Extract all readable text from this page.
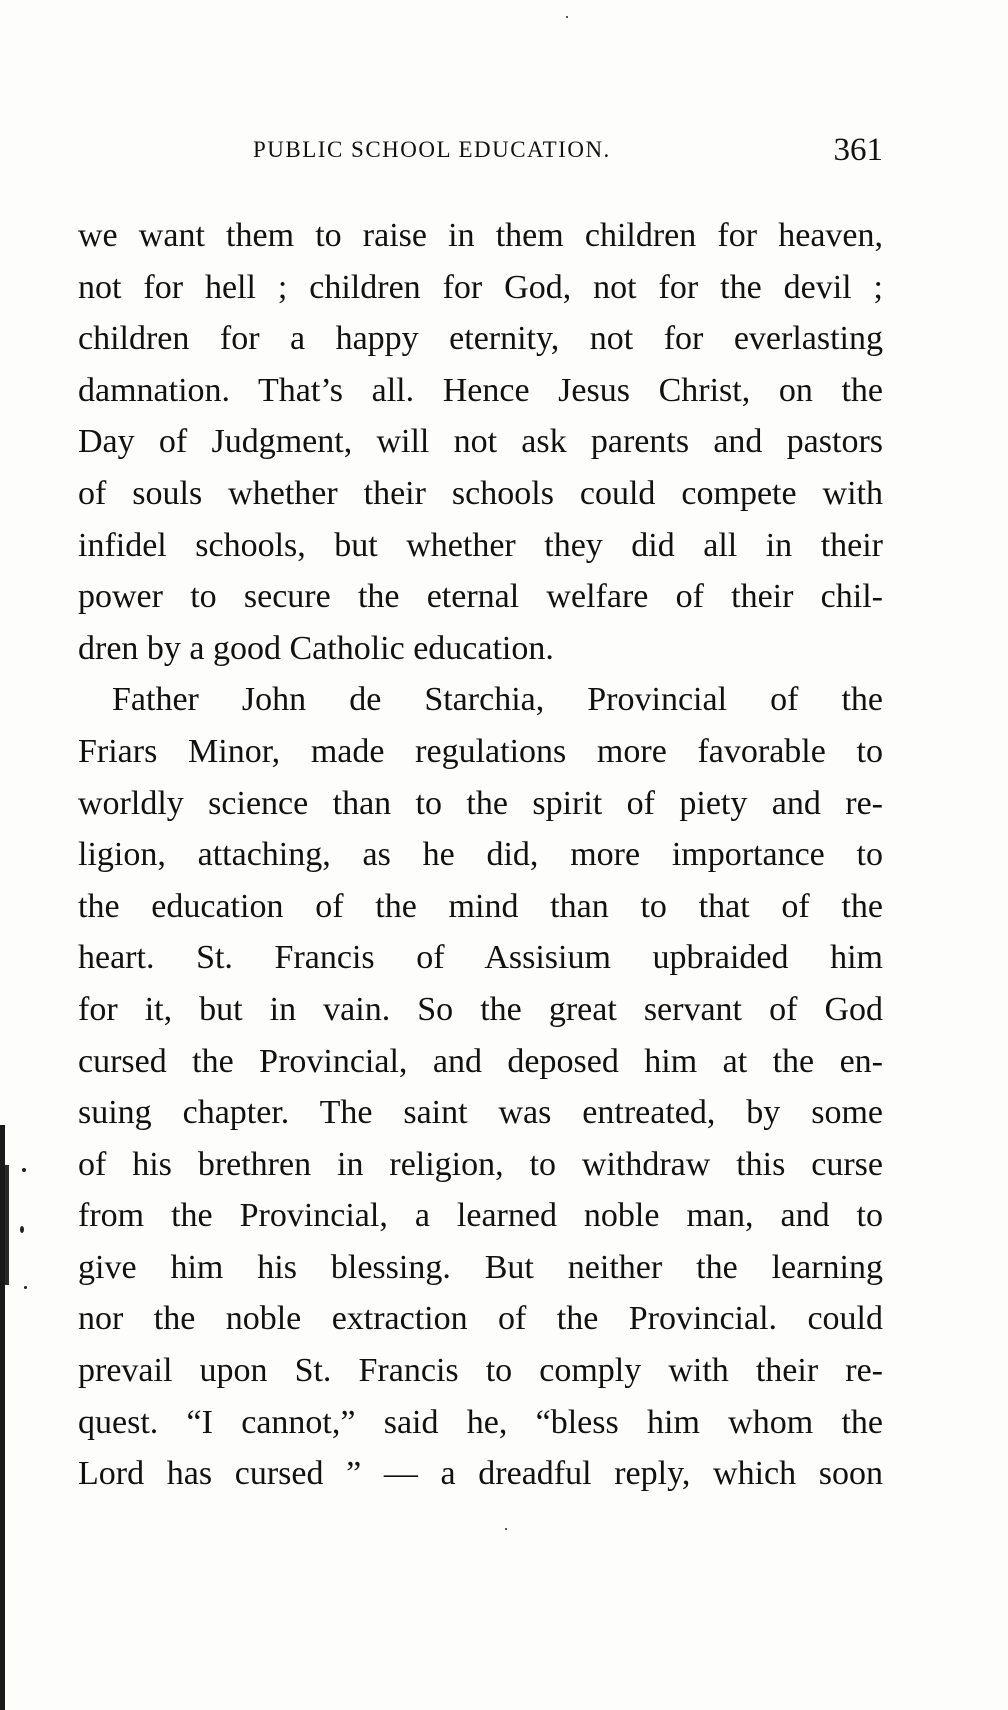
PUBLIC SCHOOL EDUCATION.	361
we want them to raise in them children for heaven,
not for hell ; children for God, not for the devil ;
children for a happy eternity, not for everlasting
damnation. That’s all. Hence Jesus Christ, on the
Day of Judgment, will not ask parents and pastors
of souls whether their schools could compete with
infidel schools, but whether they did all in their
power to secure the eternal welfare of their chil-
dren by a good Catholic education.
Father John de Starchia, Provincial of the
Friars Minor, made regulations more favorable to
worldly science than to the spirit of piety and re-
ligion, attaching, as he did, more importance to
the education of the mind than to that of the
heart. St. Francis of Assisium upbraided him
for it, but in vain. So the great servant of God
cursed the Provincial, and deposed him at the en-
suing chapter. The saint was entreated, by some
of his brethren in religion, to withdraw this curse
from the Provincial, a learned noble man, and to
give him his blessing. But neither the learning
nor the noble extraction of the Provincial. could
prevail upon St. Francis to comply with their re-
quest. “I cannot,” said he, “bless him whom the
Lord has cursed ” — a dreadful reply, which soon
